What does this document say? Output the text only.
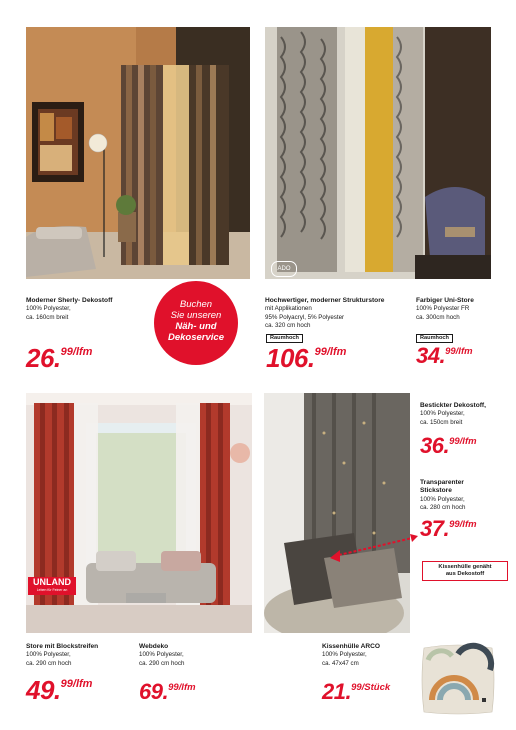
ADO
Moderner Sherly- Dekostoff
100% Polyester,
ca. 160cm breit
26.$^{99/lfm}$
Buchen
Sie unseren
Näh- und
Dekoservice
Hochwertiger, moderner Strukturstore
mit Applikationen
95% Polyacryl, 5% Polyester
ca. 320 cm hoch
Raumhoch
106.$^{99/lfm}$
Farbiger Uni-Store
100% Polyester FR
ca. 300cm hoch
Raumhoch
34.$^{99/lfm}$
UNLAND
Leben für Feiner an
Bestickter Dekostoff,
100% Polyester,
ca. 150cm breit
36.$^{99/lfm}$
Transparenter
Stickstore
100% Polyester,
ca. 280 cm hoch
37.$^{99/lfm}$
Kissenhülle genäht
aus Dekostoff
Store mit Blockstreifen
100% Polyester,
ca. 290 cm hoch
49.$^{99/lfm}$
Webdeko
100% Polyester,
ca. 290 cm hoch
69.$^{99/lfm}$
Kissenhülle ARCO
100% Polyester,
ca. 47x47 cm
21.$^{99/Stück}$
